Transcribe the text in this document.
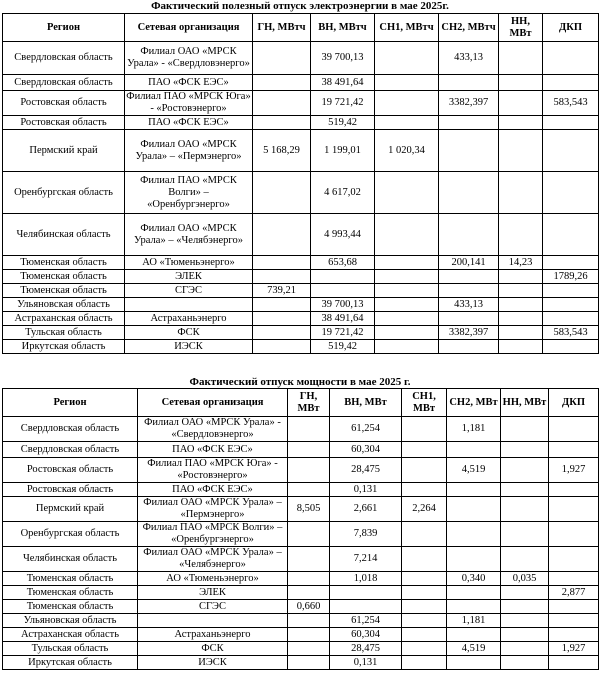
Фактический полезный отпуск электроэнергии в мае 2025г.
Регион	Сетевая организация	ГН, МВтч	ВН, МВтч	СН1, МВтч	СН2, МВтч	НН, МВт	ДКП
Свердловская область	Филиал ОАО «МРСК Урала» - «Свердловэнерго»		39 700,13		433,13		
Свердловская область	ПАО «ФСК ЕЭС»		38 491,64				
Ростовская область	Филиал ПАО «МРСК Юга» - «Ростовэнерго»		19 721,42		3382,397		583,543
Ростовская область	ПАО «ФСК ЕЭС»		519,42				
Пермский край	Филиал ОАО «МРСК Урала» – «Пермэнерго»	5 168,29	1 199,01	1 020,34			
Оренбургская область	Филиал ПАО «МРСК Волги» – «Оренбургэнерго»		4 617,02				
Челябинская область	Филиал ОАО «МРСК Урала» – «Челябэнерго»		4 993,44				
Тюменская область	АО «Тюменьэнерго»		653,68		200,141	14,23	
Тюменская область	ЭЛЕК						1789,26
Тюменская область	СГЭС	739,21					
Ульяновская область			39 700,13		433,13		
Астраханская область	Астраханьэнерго		38 491,64				
Тульская область	ФСК		19 721,42		3382,397		583,543
Иркутская область	ИЭСК		519,42				
Фактический отпуск мощности в мае 2025 г.
Регион	Сетевая организация	ГН, МВт	ВН, МВт	СН1, МВт	СН2, МВт	НН, МВт	ДКП
Свердловская область	Филиал ОАО «МРСК Урала» - «Свердловэнерго»		61,254		1,181		
Свердловская область	ПАО «ФСК ЕЭС»		60,304				
Ростовская область	Филиал ПАО «МРСК Юга» - «Ростовэнерго»		28,475		4,519		1,927
Ростовская область	ПАО «ФСК ЕЭС»		0,131				
Пермский край	Филиал ОАО «МРСК Урала» – «Пермэнерго»	8,505	2,661	2,264			
Оренбургская область	Филиал ПАО «МРСК Волги» – «Оренбургэнерго»		7,839				
Челябинская область	Филиал ОАО «МРСК Урала» – «Челябэнерго»		7,214				
Тюменская область	АО «Тюменьэнерго»		1,018		0,340	0,035	
Тюменская область	ЭЛЕК						2,877
Тюменская область	СГЭС	0,660					
Ульяновская область			61,254		1,181		
Астраханская область	Астраханьэнерго		60,304				
Тульская область	ФСК		28,475		4,519		1,927
Иркутская область	ИЭСК		0,131				
